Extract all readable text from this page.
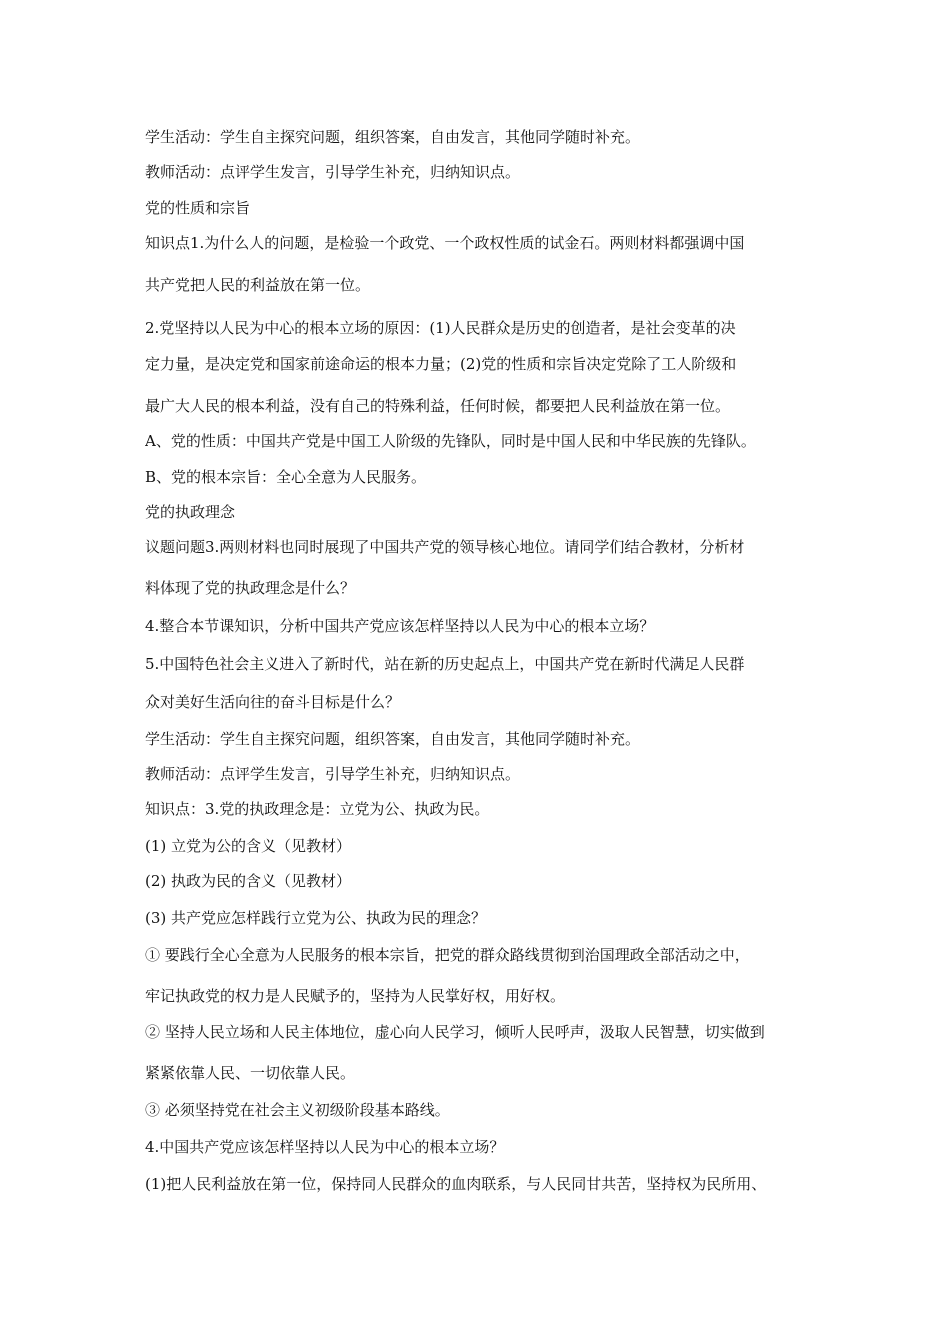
学生活动：学生自主探究问题，组织答案，自由发言，其他同学随时补充。
教师活动：点评学生发言，引导学生补充，归纳知识点。
党的性质和宗旨
知识点1.为什么人的问题，是检验一个政党、一个政权性质的试金石。两则材料都强调中国
共产党把人民的利益放在第一位。
2.党坚持以人民为中心的根本立场的原因：(1)人民群众是历史的创造者，是社会变革的决
定力量，是决定党和国家前途命运的根本力量；(2)党的性质和宗旨决定党除了工人阶级和
最广大人民的根本利益，没有自己的特殊利益，任何时候，都要把人民利益放在第一位。
A、党的性质：中国共产党是中国工人阶级的先锋队，同时是中国人民和中华民族的先锋队。
B、党的根本宗旨：全心全意为人民服务。
党的执政理念
议题问题3.两则材料也同时展现了中国共产党的领导核心地位。请同学们结合教材，分析材
料体现了党的执政理念是什么？
4.整合本节课知识，分析中国共产党应该怎样坚持以人民为中心的根本立场？
5.中国特色社会主义进入了新时代，站在新的历史起点上，中国共产党在新时代满足人民群
众对美好生活向往的奋斗目标是什么？
学生活动：学生自主探究问题，组织答案，自由发言，其他同学随时补充。
教师活动：点评学生发言，引导学生补充，归纳知识点。
知识点：3.党的执政理念是：立党为公、执政为民。
(1) 立党为公的含义（见教材）
(2) 执政为民的含义（见教材）
(3) 共产党应怎样践行立党为公、执政为民的理念？
① 要践行全心全意为人民服务的根本宗旨，把党的群众路线贯彻到治国理政全部活动之中，
牢记执政党的权力是人民赋予的，坚持为人民掌好权，用好权。
② 坚持人民立场和人民主体地位，虚心向人民学习，倾听人民呼声，汲取人民智慧，切实做到
紧紧依靠人民、一切依靠人民。
③ 必须坚持党在社会主义初级阶段基本路线。
4.中国共产党应该怎样坚持以人民为中心的根本立场？
(1)把人民利益放在第一位，保持同人民群众的血肉联系，与人民同甘共苦，坚持权为民所用、
